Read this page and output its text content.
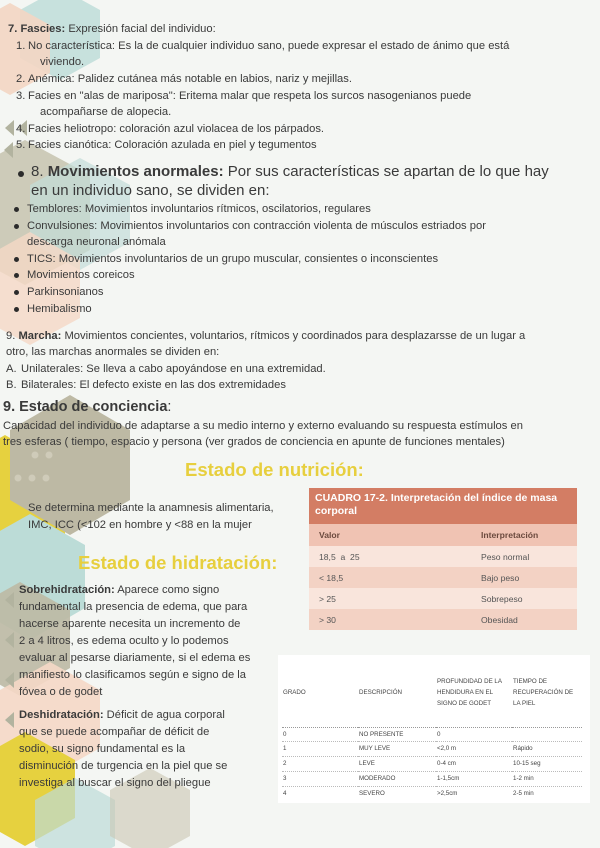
7. Fascies: Expresión facial del individuo:
1. No característica: Es la de cualquier individuo sano, puede expresar el estado de ánimo que está
viviendo.
2. Anémica: Palidez cutánea más notable en labios, nariz y mejillas.
3. Facies en "alas de mariposa": Eritema malar que respeta los surcos nasogenianos puede
acompañarse de alopecia.
4. Facies heliotropo: coloración azul violacea de los párpados.
5. Facies cianótica: Coloración azulada en piel y tegumentos
8. Movimientos anormales: Por sus características se apartan de lo que hay
en un individuo sano, se dividen en:
Temblores: Movimientos involuntarios rítmicos, oscilatorios, regulares
Convulsiones: Movimientos involuntarios con contracción violenta de músculos estriados por
descarga neuronal anómala
TICS: Movimientos involuntarios de un grupo muscular, consientes o inconscientes
Movimientos coreicos
Parkinsonianos
Hemibalismo
9. Marcha: Movimientos concientes, voluntarios, rítmicos y coordinados para desplazarsse de un lugar a
otro, las marchas anormales se dividen en:
A. Unilaterales: Se lleva a cabo apoyándose en una extremidad.
B. Bilaterales: El defecto existe en las dos extremidades
9. Estado de conciencia:
Capacidad del individuo de adaptarse a su medio interno y externo evaluando su respuesta estímulos en
tres esferas ( tiempo, espacio y persona (ver grados de conciencia en apunte de funciones mentales)
Estado de nutrición:
Se determina mediante la anamnesis alimentaria,
IMC, ICC (<102 en hombre y <88 en la mujer
CUADRO 17-2. Interpretación del índice de masa
corporal
Valor	Interpretación
18,5  a  25	Peso normal
< 18,5	Bajo peso
> 25	Sobrepeso
> 30	Obesidad
Estado de hidratación:
Sobrehidratación: Aparece como signo
fundamental la presencia de edema, que para
hacerse aparente necesita un incremento de
2 a 4 litros, es edema oculto y lo podemos
evaluar al pesarse diariamente, si el edema es
manifiesto lo clasificamos según e signo de la
fóvea o de godet
Deshidratación: Déficit de agua corporal
que se puede acompañar de déficit de
sodio, su signo fundamental es la
disminución de turgencia en la piel que se
investiga al buscar el signo del pliegue
GRADO	DESCRIPCIÓN	PROFUNDIDAD DE LA HENDIDURA EN EL SIGNO DE GODET	TIEMPO DE RECUPERACIÓN DE LA PIEL
0	NO PRESENTE	0	
1	MUY LEVE	<2,0 m	Rápido
2	LEVE	0-4 cm	10-15 seg
3	MODERADO	1-1,5cm	1-2 min
4	SEVERO	>2,5cm	2-5 min
